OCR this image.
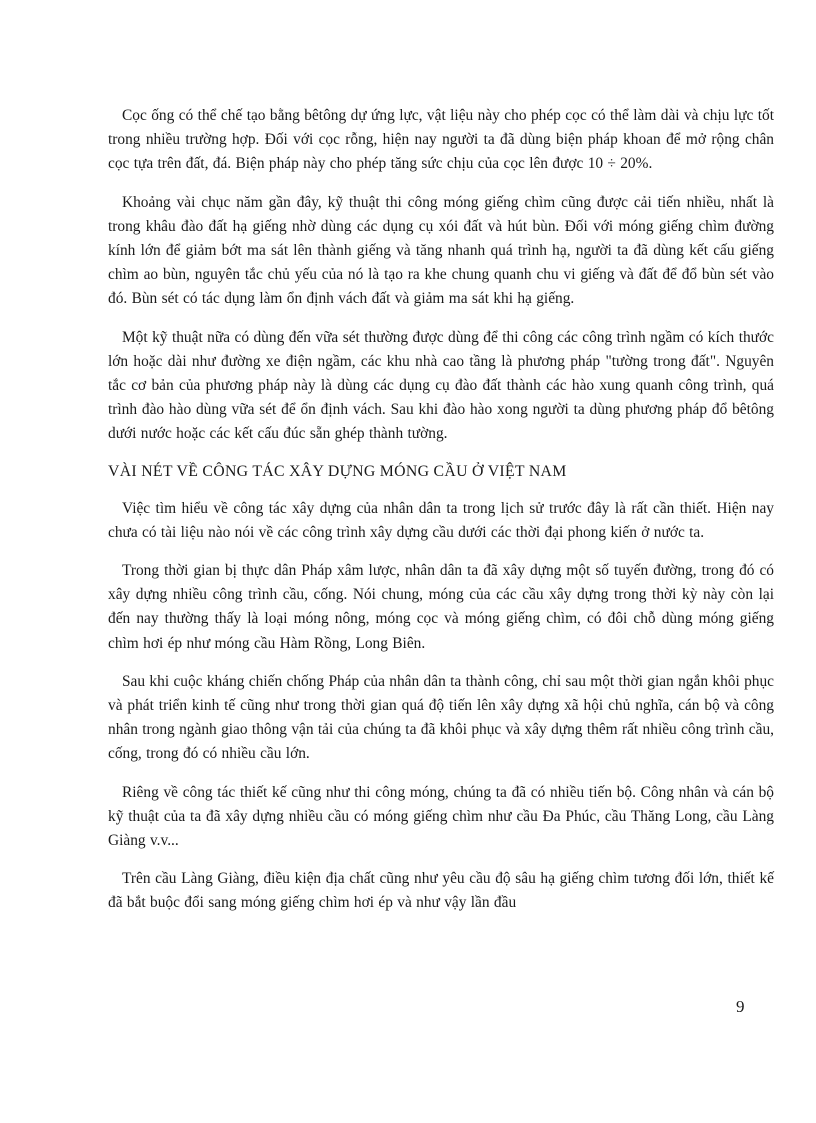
Cọc ống có thể chế tạo bằng bêtông dự ứng lực, vật liệu này cho phép cọc có thể làm dài và chịu lực tốt trong nhiều trường hợp. Đối với cọc rỗng, hiện nay người ta đã dùng biện pháp khoan để mở rộng chân cọc tựa trên đất, đá. Biện pháp này cho phép tăng sức chịu của cọc lên được 10 ÷ 20%.

Khoảng vài chục năm gần đây, kỹ thuật thi công móng giếng chìm cũng được cải tiến nhiều, nhất là trong khâu đào đất hạ giếng nhờ dùng các dụng cụ xói đất và hút bùn. Đối với móng giếng chìm đường kính lớn để giảm bớt ma sát lên thành giếng và tăng nhanh quá trình hạ, người ta đã dùng kết cấu giếng chìm ao bùn, nguyên tắc chủ yếu của nó là tạo ra khe chung quanh chu vi giếng và đất để đổ bùn sét vào đó. Bùn sét có tác dụng làm ổn định vách đất và giảm ma sát khi hạ giếng.

Một kỹ thuật nữa có dùng đến vữa sét thường được dùng để thi công các công trình ngầm có kích thước lớn hoặc dài như đường xe điện ngầm, các khu nhà cao tầng là phương pháp "tường trong đất". Nguyên tắc cơ bản của phương pháp này là dùng các dụng cụ đào đất thành các hào xung quanh công trình, quá trình đào hào dùng vữa sét để ổn định vách. Sau khi đào hào xong người ta dùng phương pháp đổ bêtông dưới nước hoặc các kết cấu đúc sẵn ghép thành tường.

VÀI NÉT VỀ CÔNG TÁC XÂY DỰNG MÓNG CẦU Ở VIỆT NAM

Việc tìm hiểu về công tác xây dựng của nhân dân ta trong lịch sử trước đây là rất cần thiết. Hiện nay chưa có tài liệu nào nói về các công trình xây dựng cầu dưới các thời đại phong kiến ở nước ta.

Trong thời gian bị thực dân Pháp xâm lược, nhân dân ta đã xây dựng một số tuyến đường, trong đó có xây dựng nhiều công trình cầu, cống. Nói chung, móng của các cầu xây dựng trong thời kỳ này còn lại đến nay thường thấy là loại móng nông, móng cọc và móng giếng chìm, có đôi chỗ dùng móng giếng chìm hơi ép như móng cầu Hàm Rồng, Long Biên.

Sau khi cuộc kháng chiến chống Pháp của nhân dân ta thành công, chỉ sau một thời gian ngắn khôi phục và phát triển kinh tế cũng như trong thời gian quá độ tiến lên xây dựng xã hội chủ nghĩa, cán bộ và công nhân trong ngành giao thông vận tải của chúng ta đã khôi phục và xây dựng thêm rất nhiều công trình cầu, cống, trong đó có nhiều cầu lớn.

Riêng về công tác thiết kế cũng như thi công móng, chúng ta đã có nhiều tiến bộ. Công nhân và cán bộ kỹ thuật của ta đã xây dựng nhiều cầu có móng giếng chìm như cầu Đa Phúc, cầu Thăng Long, cầu Làng Giàng v.v...

Trên cầu Làng Giàng, điều kiện địa chất cũng như yêu cầu độ sâu hạ giếng chìm tương đối lớn, thiết kế đã bắt buộc đổi sang móng giếng chìm hơi ép và như vậy lần đầu

9
